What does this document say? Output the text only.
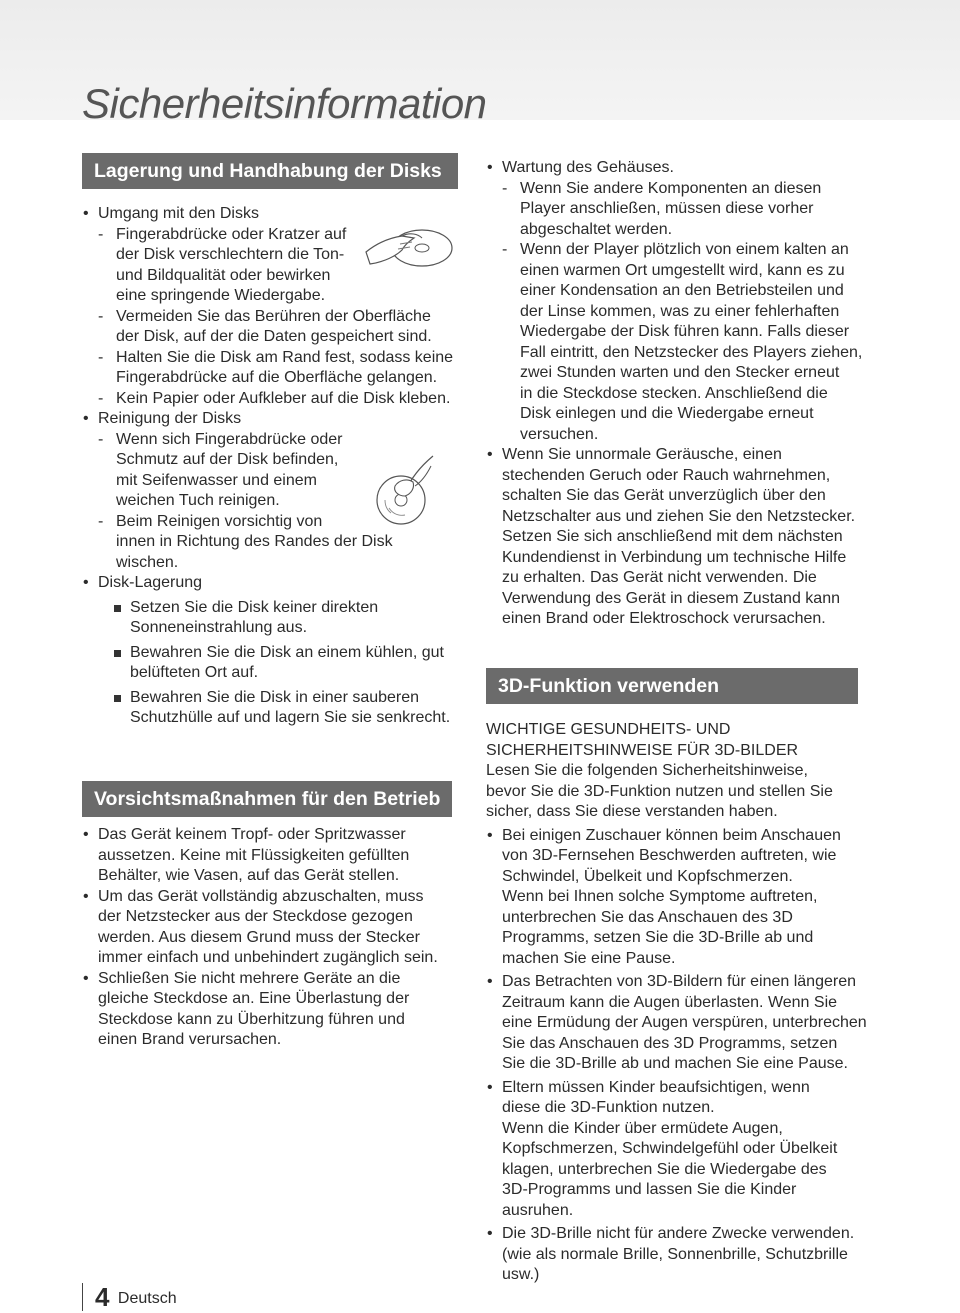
Sicherheitsinformation
Lagerung und Handhabung der Disks
• Umgang mit den Disks
- Fingerabdrücke oder Kratzer auf
der Disk verschlechtern die Ton-
und Bildqualität oder bewirken
eine springende Wiedergabe.
- Vermeiden Sie das Berühren der Oberfläche
der Disk, auf der die Daten gespeichert sind.
- Halten Sie die Disk am Rand fest, sodass keine
Fingerabdrücke auf die Oberfläche gelangen.
- Kein Papier oder Aufkleber auf die Disk kleben.
• Reinigung der Disks
- Wenn sich Fingerabdrücke oder
Schmutz auf der Disk befinden,
mit Seifenwasser und einem
weichen Tuch reinigen.
- Beim Reinigen vorsichtig von
innen in Richtung des Randes der Disk
wischen.
• Disk-Lagerung
Setzen Sie die Disk keiner direkten
Sonneneinstrahlung aus.
Bewahren Sie die Disk an einem kühlen, gut
belüfteten Ort auf.
Bewahren Sie die Disk in einer sauberen
Schutzhülle auf und lagern Sie sie senkrecht.
Vorsichtsmaßnahmen für den Betrieb
• Das Gerät keinem Tropf- oder Spritzwasser
aussetzen. Keine mit Flüssigkeiten gefüllten
Behälter, wie Vasen, auf das Gerät stellen.
• Um das Gerät vollständig abzuschalten, muss
der Netzstecker aus der Steckdose gezogen
werden. Aus diesem Grund muss der Stecker
immer einfach und unbehindert zugänglich sein.
• Schließen Sie nicht mehrere Geräte an die
gleiche Steckdose an. Eine Überlastung der
Steckdose kann zu Überhitzung führen und
einen Brand verursachen.
• Wartung des Gehäuses.
- Wenn Sie andere Komponenten an diesen
Player anschließen, müssen diese vorher
abgeschaltet werden.
- Wenn der Player plötzlich von einem kalten an
einen warmen Ort umgestellt wird, kann es zu
einer Kondensation an den Betriebsteilen und
der Linse kommen, was zu einer fehlerhaften
Wiedergabe der Disk führen kann. Falls dieser
Fall eintritt, den Netzstecker des Players ziehen,
zwei Stunden warten und den Stecker erneut
in die Steckdose stecken. Anschließend die
Disk einlegen und die Wiedergabe erneut
versuchen.
• Wenn Sie unnormale Geräusche, einen
stechenden Geruch oder Rauch wahrnehmen,
schalten Sie das Gerät unverzüglich über den
Netzschalter aus und ziehen Sie den Netzstecker.
Setzen Sie sich anschließend mit dem nächsten
Kundendienst in Verbindung um technische Hilfe
zu erhalten. Das Gerät nicht verwenden. Die
Verwendung des Gerät in diesem Zustand kann
einen Brand oder Elektroschock verursachen.
3D-Funktion verwenden
WICHTIGE GESUNDHEITS- UND
SICHERHEITSHINWEISE FÜR 3D-BILDER
Lesen Sie die folgenden Sicherheitshinweise,
bevor Sie die 3D-Funktion nutzen und stellen Sie
sicher, dass Sie diese verstanden haben.
• Bei einigen Zuschauer können beim Anschauen
von 3D-Fernsehen Beschwerden auftreten, wie
Schwindel, Übelkeit und Kopfschmerzen.
Wenn bei Ihnen solche Symptome auftreten,
unterbrechen Sie das Anschauen des 3D
Programms, setzen Sie die 3D-Brille ab und
machen Sie eine Pause.
• Das Betrachten von 3D-Bildern für einen längeren
Zeitraum kann die Augen überlasten. Wenn Sie
eine Ermüdung der Augen verspüren, unterbrechen
Sie das Anschauen des 3D Programms, setzen
Sie die 3D-Brille ab und machen Sie eine Pause.
• Eltern müssen Kinder beaufsichtigen, wenn
diese die 3D-Funktion nutzen.
Wenn die Kinder über ermüdete Augen,
Kopfschmerzen, Schwindelgefühl oder Übelkeit
klagen, unterbrechen Sie die Wiedergabe des
3D-Programms und lassen Sie die Kinder
ausruhen.
• Die 3D-Brille nicht für andere Zwecke verwenden.
(wie als normale Brille, Sonnenbrille, Schutzbrille
usw.)
4 Deutsch
